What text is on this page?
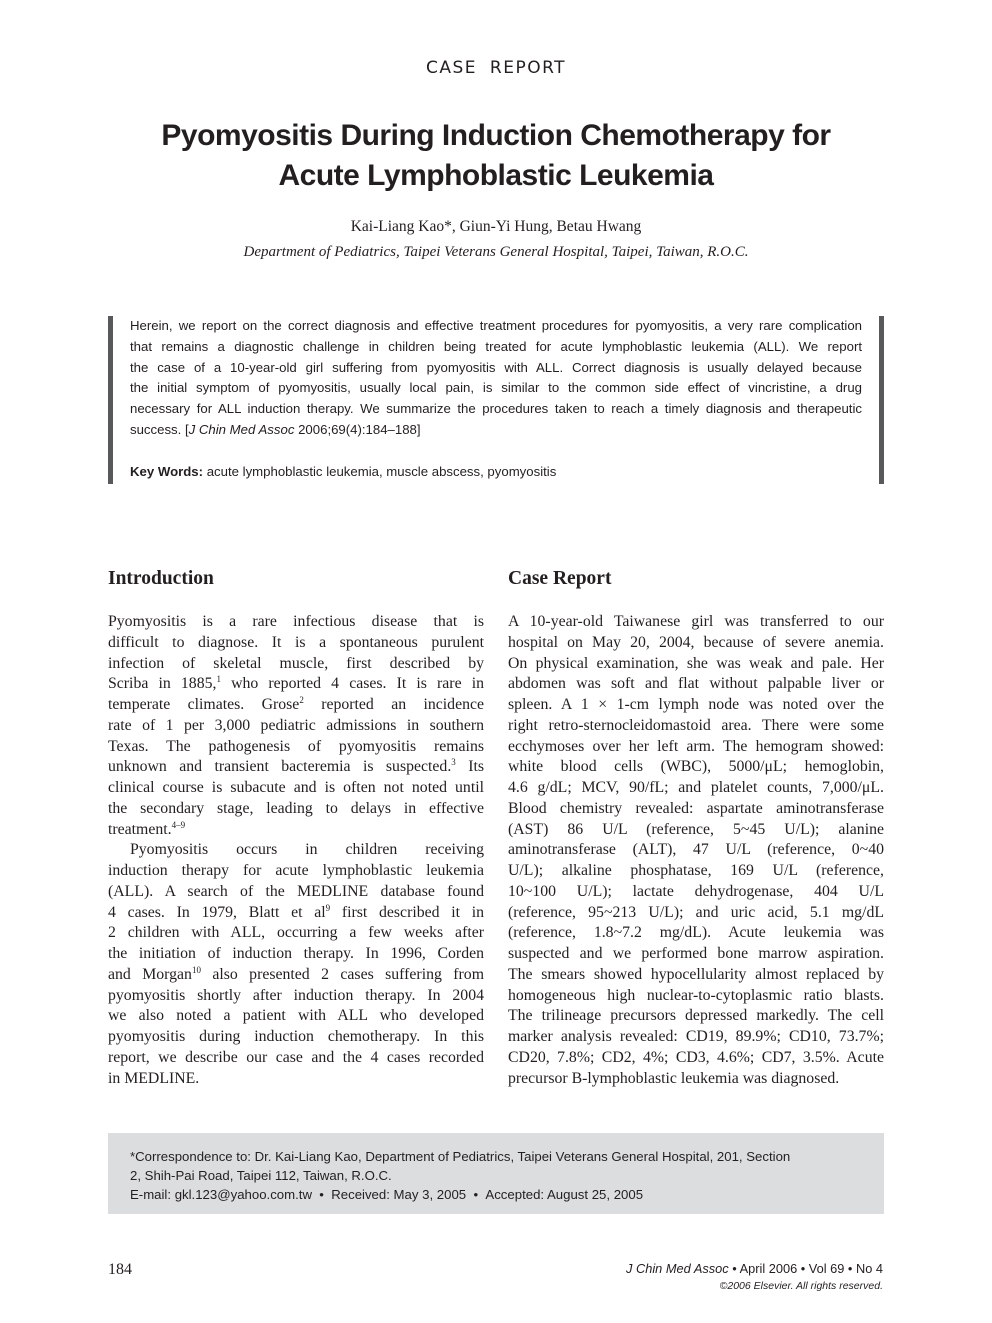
CASE REPORT
Pyomyositis During Induction Chemotherapy for
Acute Lymphoblastic Leukemia
Kai-Liang Kao*, Giun-Yi Hung, Betau Hwang
Department of Pediatrics, Taipei Veterans General Hospital, Taipei, Taiwan, R.O.C.
Herein, we report on the correct diagnosis and effective treatment procedures for pyomyositis, a very rare complication
that remains a diagnostic challenge in children being treated for acute lymphoblastic leukemia (ALL). We report
the case of a 10-year-old girl suffering from pyomyositis with ALL. Correct diagnosis is usually delayed because
the initial symptom of pyomyositis, usually local pain, is similar to the common side effect of vincristine, a drug
necessary for ALL induction therapy. We summarize the procedures taken to reach a timely diagnosis and therapeutic
success. [J Chin Med Assoc 2006;69(4):184–188]
Key Words: acute lymphoblastic leukemia, muscle abscess, pyomyositis
Introduction	Case Report

Pyomyositis is a rare infectious disease that is
difficult to diagnose. It is a spontaneous purulent
infection of skeletal muscle, first described by
Scriba in 1885,$^1$ who reported 4 cases. It is rare in
temperate climates. Grose$^2$ reported an incidence
rate of 1 per 3,000 pediatric admissions in southern
Texas. The pathogenesis of pyomyositis remains
unknown and transient bacteremia is suspected.$^3$ Its
clinical course is subacute and is often not noted until
the secondary stage, leading to delays in effective
treatment.$^{4-9}$

Pyomyositis occurs in children receiving
induction therapy for acute lymphoblastic leukemia
(ALL). A search of the MEDLINE database found
4 cases. In 1979, Blatt et $al^9$ first described it in
2 children with ALL, occurring a few weeks after
the initiation of induction therapy. In 1996, Corden
and Morgan$^{10}$ also presented 2 cases suffering from
pyomyositis shortly after induction therapy. In 2004
we also noted a patient with ALL who developed
pyomyositis during induction chemotherapy. In this
report, we describe our case and the 4 cases recorded
in MEDLINE.

A 10-year-old Taiwanese girl was transferred to our
hospital on May 20, 2004, because of severe anemia.
On physical examination, she was weak and pale. Her
abdomen was soft and flat without palpable liver or
spleen. A 1 × 1-cm lymph node was noted over the
right retro-sternocleidomastoid area. There were some
ecchymoses over her left arm. The hemogram showed:
white blood cells (WBC), 5000/μL; hemoglobin,
4.6 g/dL; MCV, 90/fL; and platelet counts, 7,000/μL.
Blood chemistry revealed: aspartate aminotransferase
(AST) 86 U/L (reference, 5~45 U/L); alanine
aminotransferase (ALT), 47 U/L (reference, 0~40
U/L); alkaline phosphatase, 169 U/L (reference,
10~100 U/L); lactate dehydrogenase, 404 U/L
(reference, 95~213 U/L); and uric acid, 5.1 mg/dL
(reference, 1.8~7.2 mg/dL). Acute leukemia was
suspected and we performed bone marrow aspiration.
The smears showed hypocellularity almost replaced by
homogeneous high nuclear-to-cytoplasmic ratio blasts.
The trilineage precursors depressed markedly. The cell
marker analysis revealed: CD19, 89.9%; CD10, 73.7%;
CD20, 7.8%; CD2, 4%; CD3, 4.6%; CD7, 3.5%. Acute
precursor B-lymphoblastic leukemia was diagnosed.

*Correspondence to: Dr. Kai-Liang Kao, Department of Pediatrics, Taipei Veterans General Hospital, 201, Section
2, Shih-Pai Road, Taipei 112, Taiwan, R.O.C.
E-mail: gkl.123@yahoo.com.tw • Received: May 3, 2005 • Accepted: August 25, 2005
184	J Chin Med Assoc • April 2006 • Vol 69 • No 4
©2006 Elsevier. All rights reserved.
